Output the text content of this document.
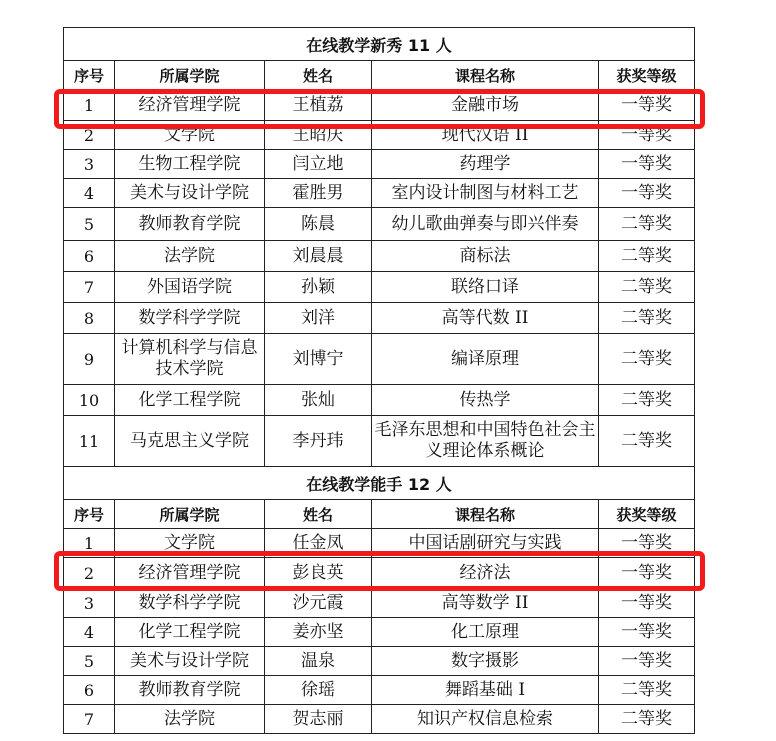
在线教学新秀 11 人				
序号	所属学院	姓名	课程名称	获奖等级
1	经济管理学院	王植荔	金融市场	一等奖
2	文学院	王昭庆	现代汉语 II	一等奖
3	生物工程学院	闫立地	药理学	一等奖
4	美术与设计学院	霍胜男	室内设计制图与材料工艺	一等奖
5	教师教育学院	陈晨	幼儿歌曲弹奏与即兴伴奏	二等奖
6	法学院	刘晨晨	商标法	二等奖
7	外国语学院	孙颖	联络口译	二等奖
8	数学科学学院	刘洋	高等代数 II	二等奖
9	计算机科学与信息技术学院	刘博宁	编译原理	二等奖
10	化学工程学院	张灿	传热学	二等奖
11	马克思主义学院	李丹玮	毛泽东思想和中国特色社会主义理论体系概论	二等奖
在线教学能手 12 人				
序号	所属学院	姓名	课程名称	获奖等级
1	文学院	任金凤	中国话剧研究与实践	一等奖
2	经济管理学院	彭良英	经济法	一等奖
3	数学科学学院	沙元霞	高等数学 II	一等奖
4	化学工程学院	姜亦坚	化工原理	一等奖
5	美术与设计学院	温泉	数字摄影	一等奖
6	教师教育学院	徐瑶	舞蹈基础 I	二等奖
7	法学院	贺志丽	知识产权信息检索	二等奖
